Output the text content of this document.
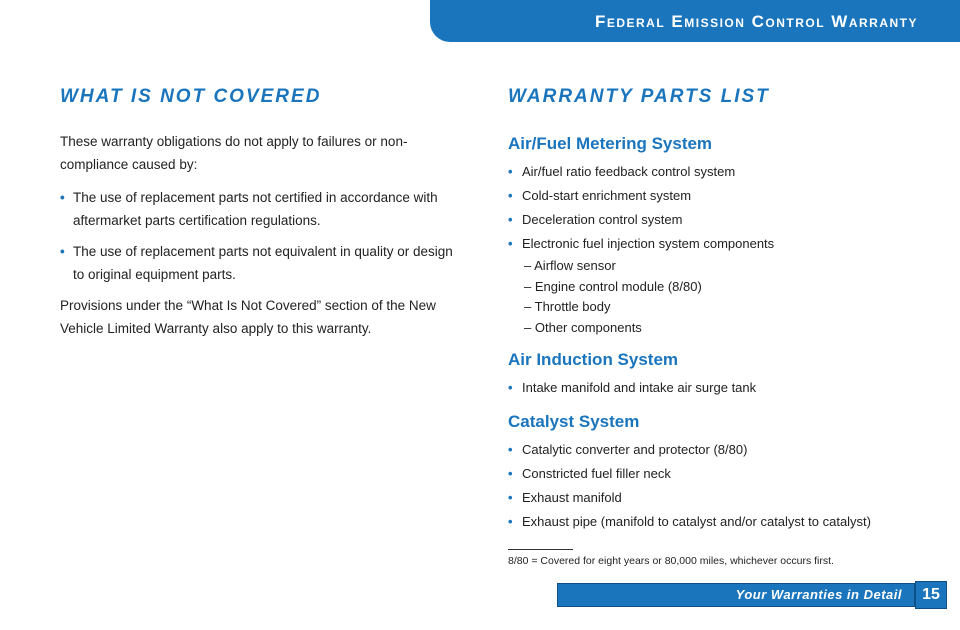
Federal Emission Control Warranty
WHAT IS NOT COVERED

These warranty obligations do not apply to failures or non-compliance caused by:

• The use of replacement parts not certified in accordance with aftermarket parts certification regulations.
• The use of replacement parts not equivalent in quality or design to original equipment parts.

Provisions under the “What Is Not Covered” section of the New Vehicle Limited Warranty also apply to this warranty.

WARRANTY PARTS LIST
Air/Fuel Metering System
• Air/fuel ratio feedback control system
• Cold-start enrichment system
• Deceleration control system
• Electronic fuel injection system components
– Airflow sensor
– Engine control module (8/80)
– Throttle body
– Other components
Air Induction System
• Intake manifold and intake air surge tank
Catalyst System
• Catalytic converter and protector (8/80)
• Constricted fuel filler neck
• Exhaust manifold
• Exhaust pipe (manifold to catalyst and/or catalyst to catalyst)
8/80 = Covered for eight years or 80,000 miles, whichever occurs first.
Your Warranties in Detail	15
